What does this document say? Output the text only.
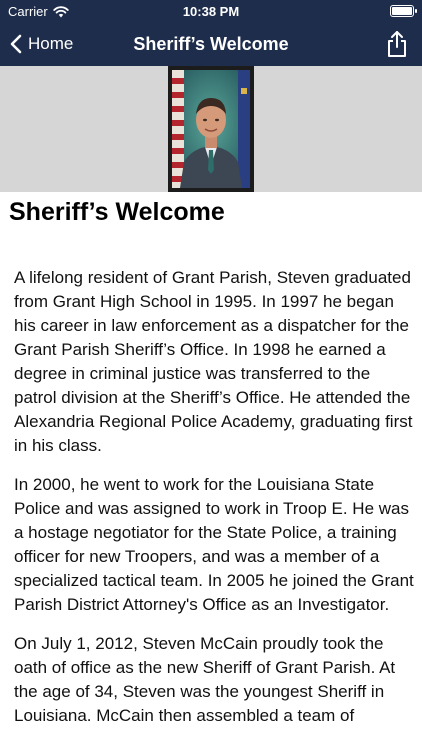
Carrier	10:38 PM
Home	Sheriff’s Welcome
Sheriff’s Welcome

A lifelong resident of Grant Parish, Steven graduated from Grant High School in 1995. In 1997 he began his career in law enforcement as a dispatcher for the Grant Parish Sheriff’s Office. In 1998 he earned a degree in criminal justice was transferred to the patrol division at the Sheriff’s Office. He attended the Alexandria Regional Police Academy, graduating first in his class.

In 2000, he went to work for the Louisiana State Police and was assigned to work in Troop E. He was a hostage negotiator for the State Police, a training officer for new Troopers, and was a member of a specialized tactical team. In 2005 he joined the Grant Parish District Attorney's Office as an Investigator.

On July 1, 2012, Steven McCain proudly took the oath of office as the new Sheriff of Grant Parish. At the age of 34, Steven was the youngest Sheriff in Louisiana. McCain then assembled a team of
